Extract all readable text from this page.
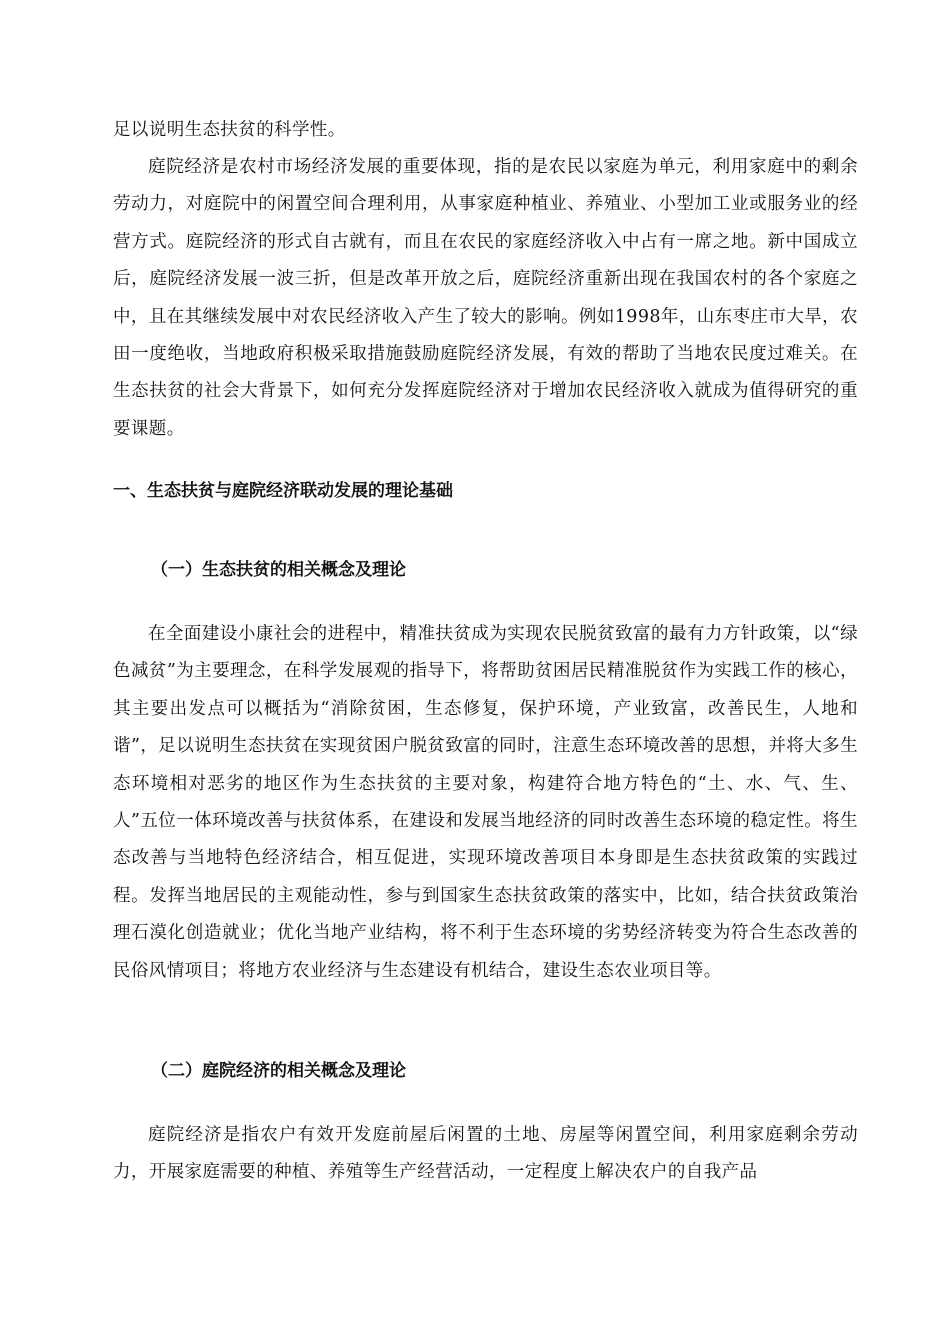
足以说明生态扶贫的科学性。

庭院经济是农村市场经济发展的重要体现，指的是农民以家庭为单元，利用家庭中的剩余劳动力，对庭院中的闲置空间合理利用，从事家庭种植业、养殖业、小型加工业或服务业的经营方式。庭院经济的形式自古就有，而且在农民的家庭经济收入中占有一席之地。新中国成立后，庭院经济发展一波三折，但是改革开放之后，庭院经济重新出现在我国农村的各个家庭之中，且在其继续发展中对农民经济收入产生了较大的影响。例如1998年，山东枣庄市大旱，农田一度绝收，当地政府积极采取措施鼓励庭院经济发展，有效的帮助了当地农民度过难关。在生态扶贫的社会大背景下，如何充分发挥庭院经济对于增加农民经济收入就成为值得研究的重要课题。

一、生态扶贫与庭院经济联动发展的理论基础
（一）生态扶贫的相关概念及理论

在全面建设小康社会的进程中，精准扶贫成为实现农民脱贫致富的最有力方针政策，以“绿色减贫”为主要理念，在科学发展观的指导下，将帮助贫困居民精准脱贫作为实践工作的核心，其主要出发点可以概括为“消除贫困，生态修复，保护环境，产业致富，改善民生，人地和谐”，足以说明生态扶贫在实现贫困户脱贫致富的同时，注意生态环境改善的思想，并将大多生态环境相对恶劣的地区作为生态扶贫的主要对象，构建符合地方特色的“土、水、气、生、人”五位一体环境改善与扶贫体系，在建设和发展当地经济的同时改善生态环境的稳定性。将生态改善与当地特色经济结合，相互促进，实现环境改善项目本身即是生态扶贫政策的实践过程。发挥当地居民的主观能动性，参与到国家生态扶贫政策的落实中，比如，结合扶贫政策治理石漠化创造就业；优化当地产业结构，将不利于生态环境的劣势经济转变为符合生态改善的民俗风情项目；将地方农业经济与生态建设有机结合，建设生态农业项目等。

（二）庭院经济的相关概念及理论

庭院经济是指农户有效开发庭前屋后闲置的土地、房屋等闲置空间，利用家庭剩余劳动力，开展家庭需要的种植、养殖等生产经营活动，一定程度上解决农户的自我产品
